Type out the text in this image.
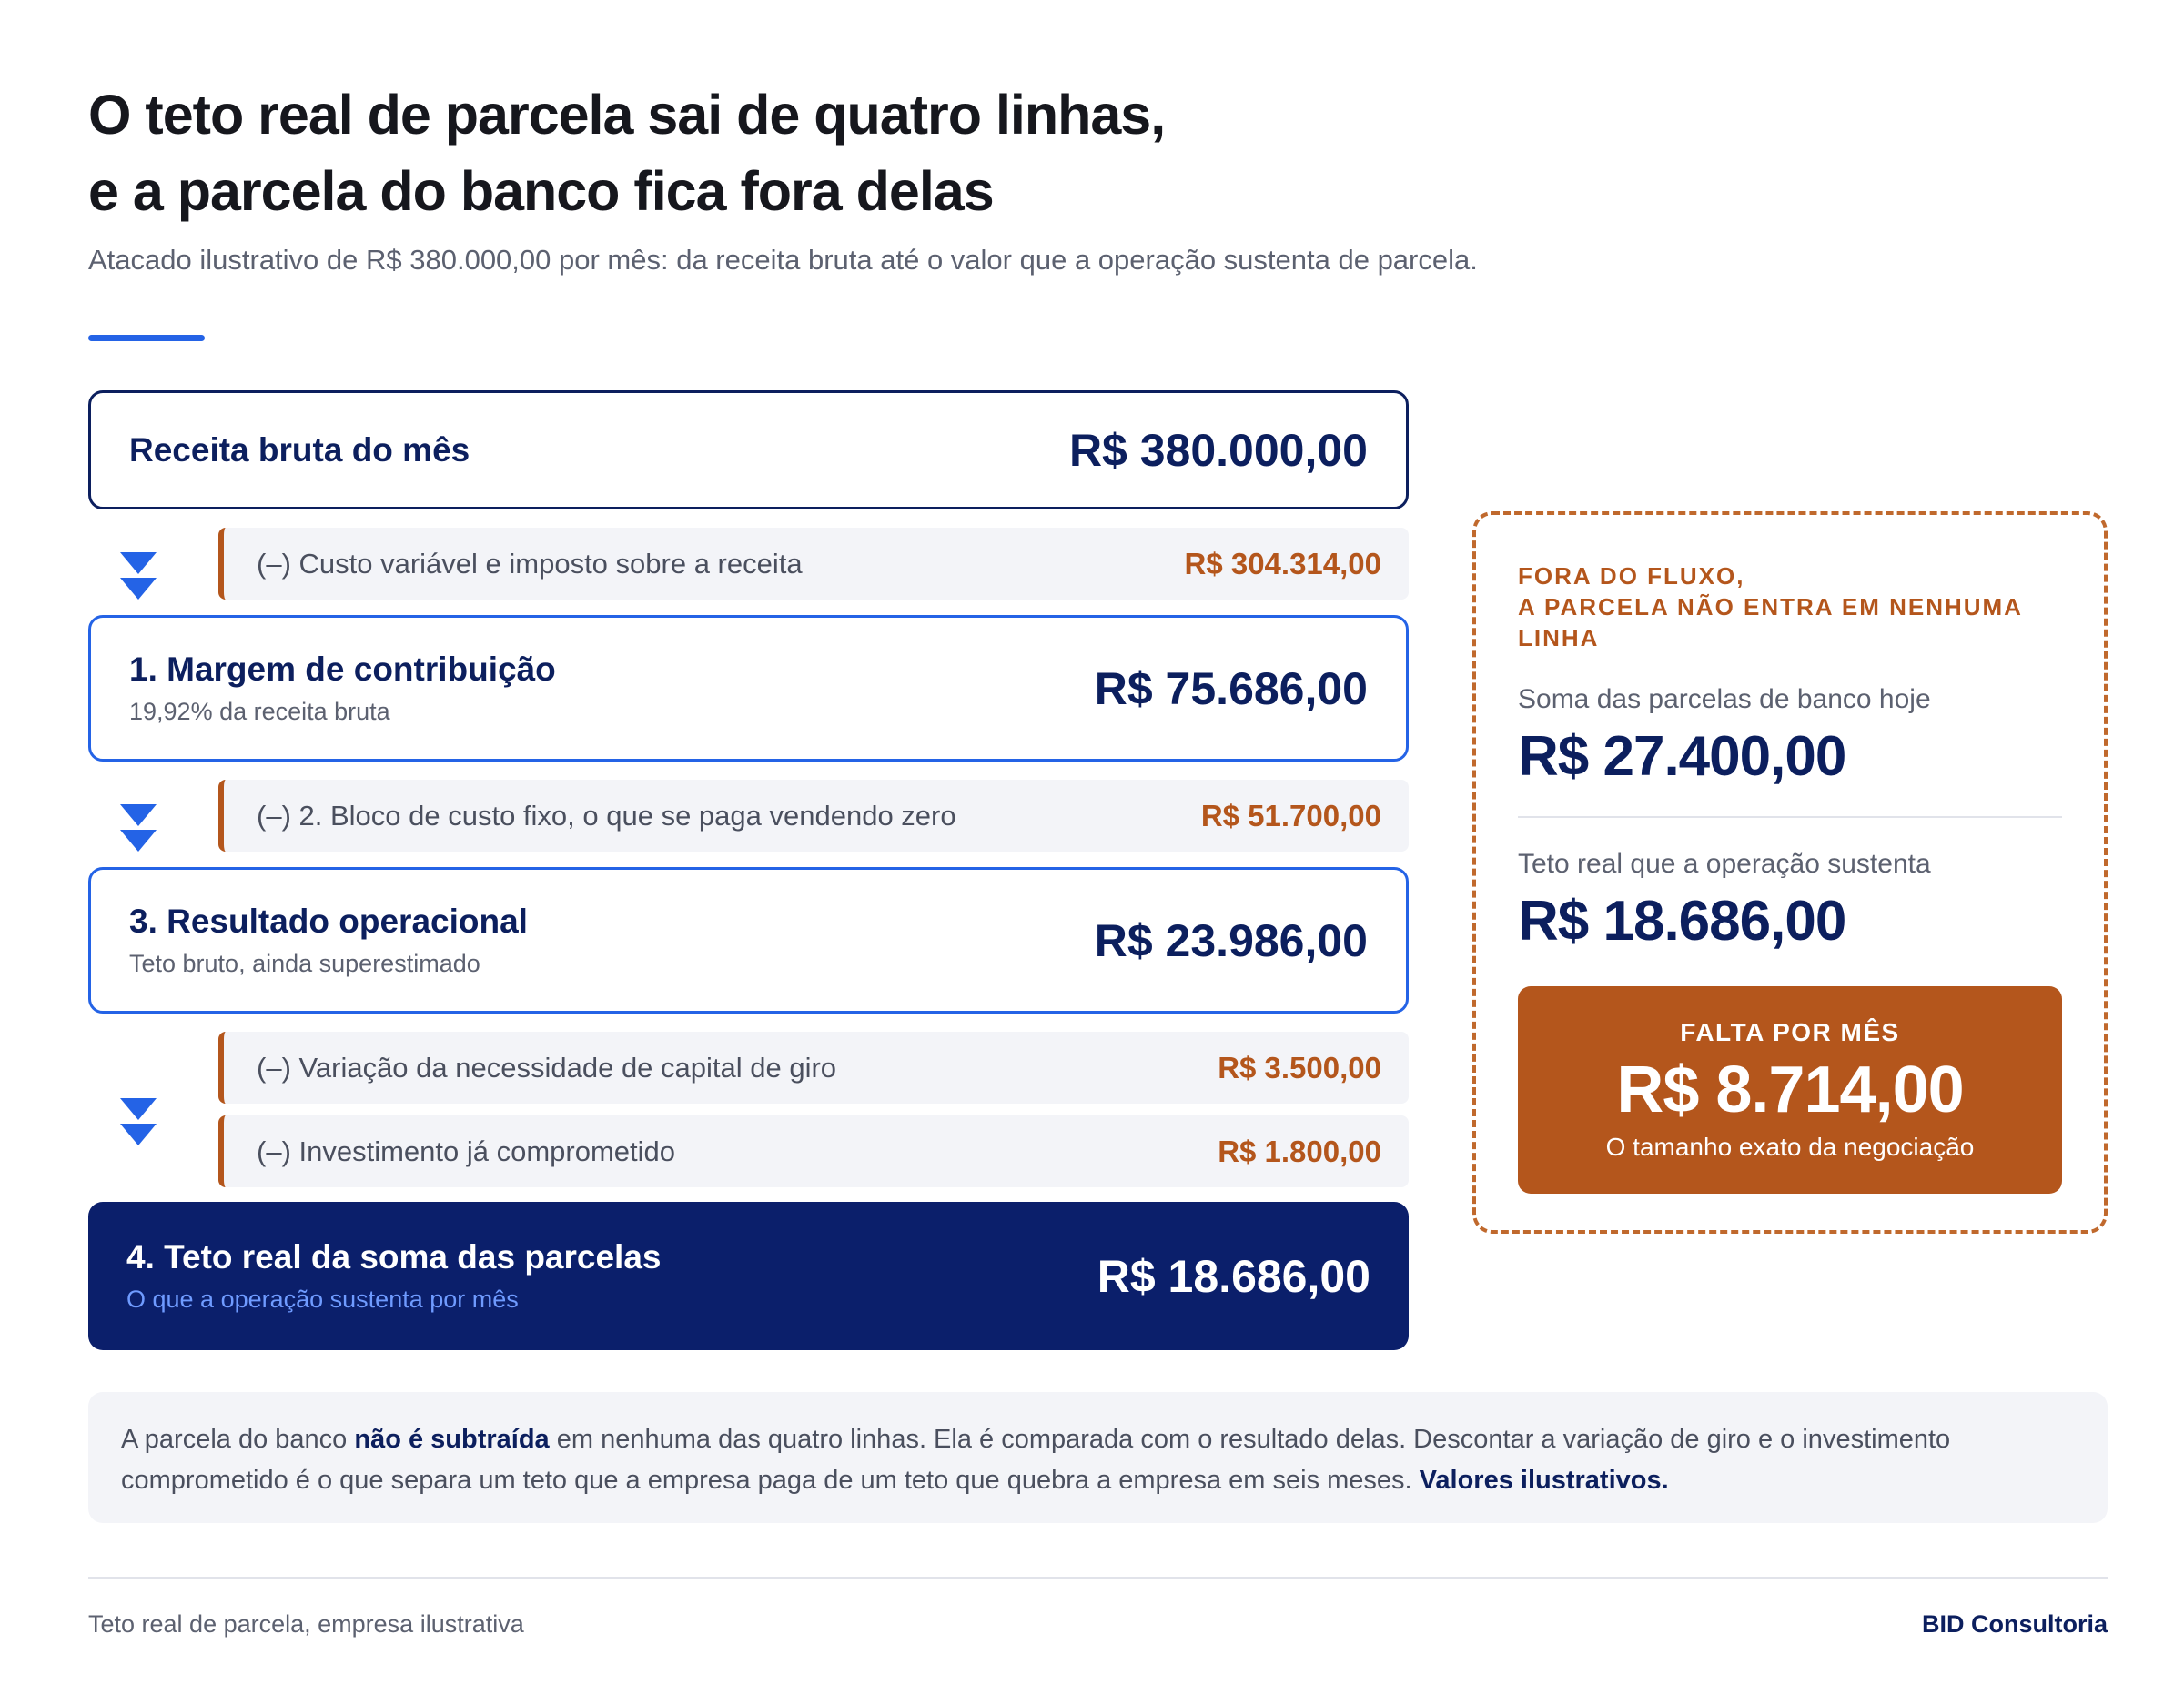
O teto real de parcela sai de quatro linhas,
e a parcela do banco fica fora delas
Atacado ilustrativo de R$ 380.000,00 por mês: da receita bruta até o valor que a operação sustenta de parcela.
Receita bruta do mês	R$ 380.000,00
(–) Custo variável e imposto sobre a receita	R$ 304.314,00
1. Margem de contribuição
19,92% da receita bruta	R$ 75.686,00
(–) 2. Bloco de custo fixo, o que se paga vendendo zero	R$ 51.700,00
3. Resultado operacional
Teto bruto, ainda superestimado	R$ 23.986,00
(–) Variação da necessidade de capital de giro	R$ 3.500,00
(–) Investimento já comprometido	R$ 1.800,00
4. Teto real da soma das parcelas
O que a operação sustenta por mês	R$ 18.686,00
FORA DO FLUXO,
A PARCELA NÃO ENTRA EM NENHUMA
LINHA
Soma das parcelas de banco hoje
R$ 27.400,00
Teto real que a operação sustenta
R$ 18.686,00
FALTA POR MÊS
R$ 8.714,00
O tamanho exato da negociação
A parcela do banco não é subtraída em nenhuma das quatro linhas. Ela é comparada com o resultado delas. Descontar a variação de giro e o investimento comprometido é o que separa um teto que a empresa paga de um teto que quebra a empresa em seis meses. Valores ilustrativos.
Teto real de parcela, empresa ilustrativa	BID Consultoria
